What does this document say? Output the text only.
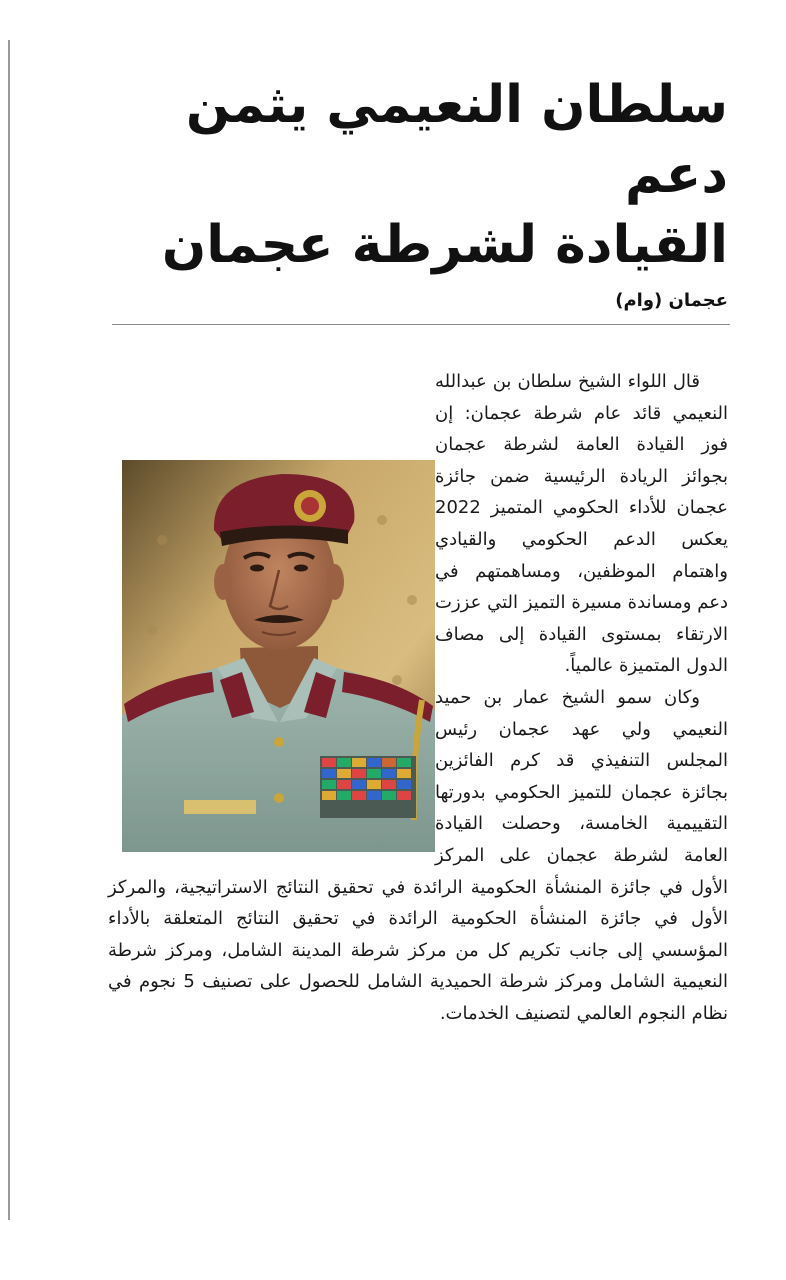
سلطان النعيمي يثمن دعم
القيادة لشرطة عجمان
عجمان (وام)

قال اللواء الشيخ سلطان بن عبدالله النعيمي قائد عام شرطة عجمان: إن فوز القيادة العامة لشرطة عجمان بجوائز الريادة الرئيسية ضمن جائزة عجمان للأداء الحكومي المتميز 2022 يعكس الدعم الحكومي والقيادي واهتمام الموظفين، ومساهمتهم في دعم ومساندة مسيرة التميز التي عززت الارتقاء بمستوى القيادة إلى مصاف الدول المتميزة عالمياً.

وكان سمو الشيخ عمار بن حميد النعيمي ولي عهد عجمان رئيس المجلس التنفيذي قد كرم الفائزين بجائزة عجمان للتميز الحكومي بدورتها التقييمية الخامسة، وحصلت القيادة العامة لشرطة عجمان على المركز الأول في جائزة المنشأة الحكومية الرائدة في تحقيق النتائج الاستراتيجية، والمركز الأول في جائزة المنشأة الحكومية الرائدة في تحقيق النتائج المتعلقة بالأداء المؤسسي إلى جانب تكريم كل من مركز شرطة المدينة الشامل، ومركز شرطة النعيمية الشامل ومركز شرطة الحميدية الشامل للحصول على تصنيف 5 نجوم في نظام النجوم العالمي لتصنيف الخدمات.
